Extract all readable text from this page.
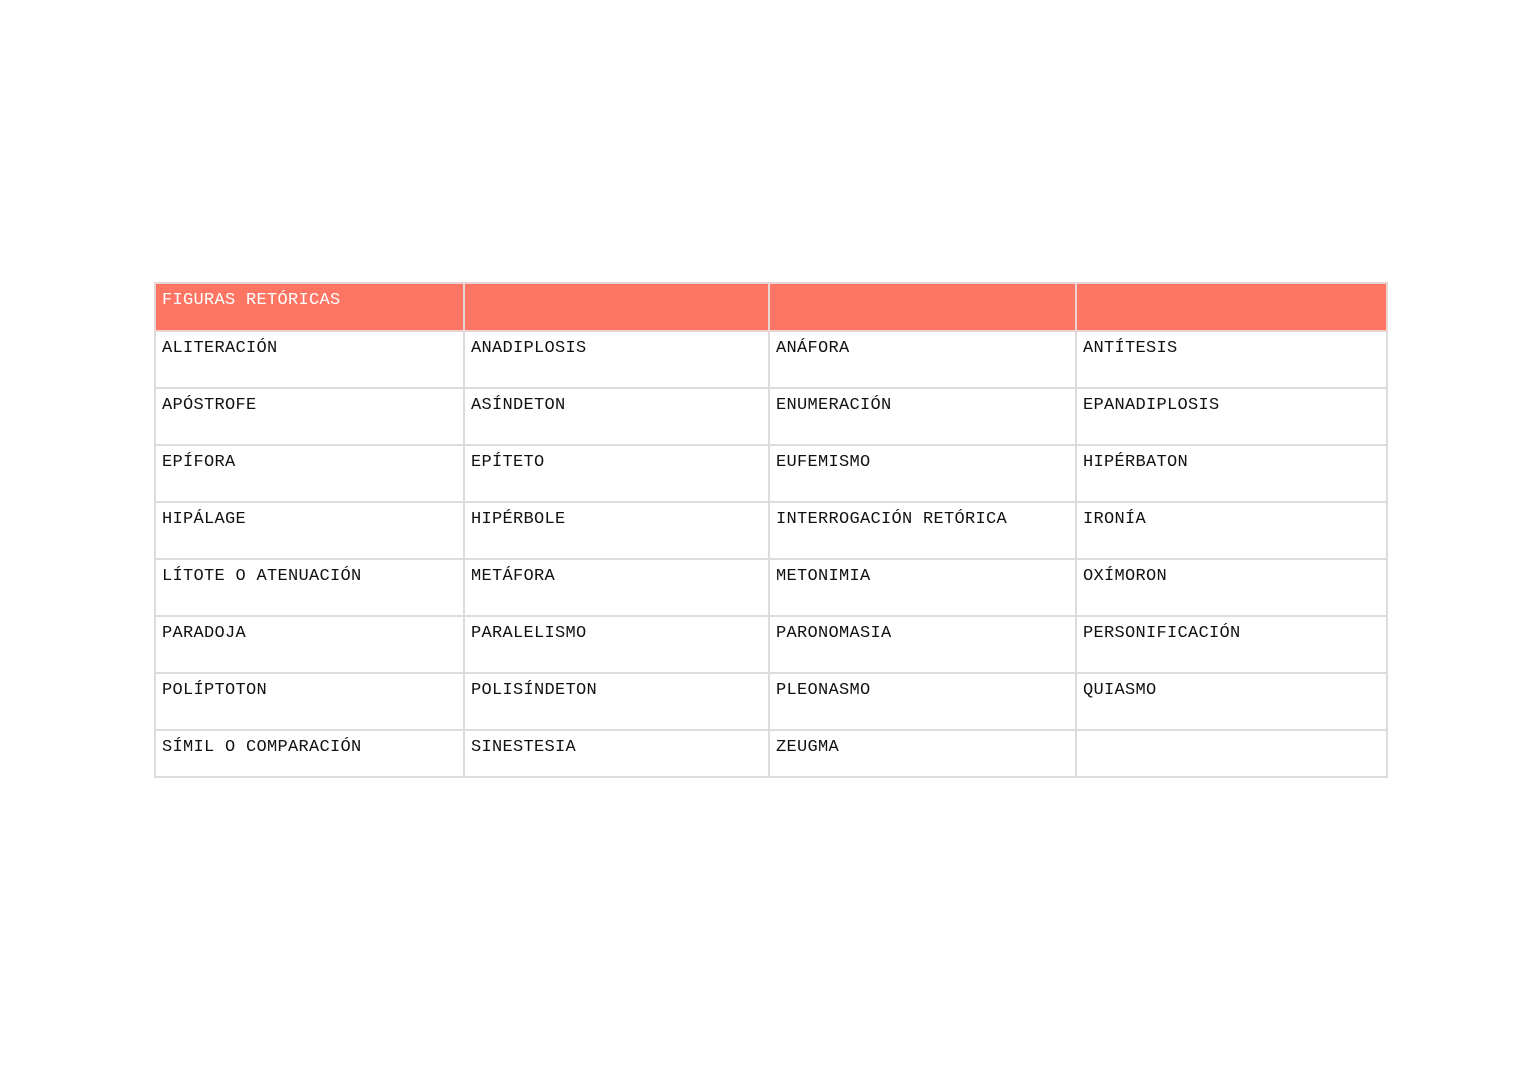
FIGURAS RETÓRICAS			
ALITERACIÓN	ANADIPLOSIS	ANÁFORA	ANTÍTESIS
APÓSTROFE	ASÍNDETON	ENUMERACIÓN	EPANADIPLOSIS
EPÍFORA	EPÍTETO	EUFEMISMO	HIPÉRBATON
HIPÁLAGE	HIPÉRBOLE	INTERROGACIÓN RETÓRICA	IRONÍA
LÍTOTE O ATENUACIÓN	METÁFORA	METONIMIA	OXÍMORON
PARADOJA	PARALELISMO	PARONOMASIA	PERSONIFICACIÓN
POLÍPTOTON	POLISÍNDETON	PLEONASMO	QUIASMO
SÍMIL O COMPARACIÓN	SINESTESIA	ZEUGMA	
